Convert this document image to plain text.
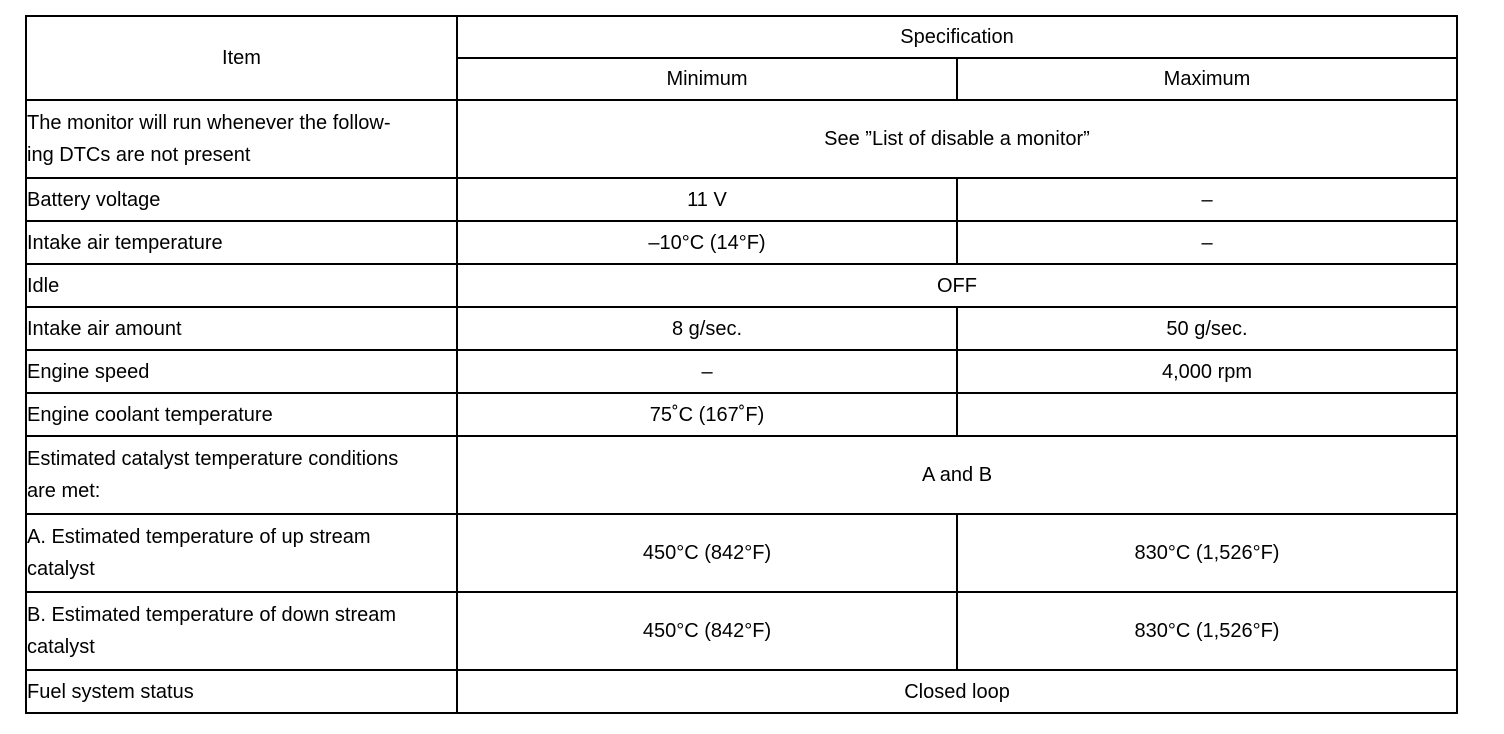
Item	Specification	
	Minimum	Maximum
The monitor will run whenever the follow-
ing DTCs are not present	See ”List of disable a monitor”	
Battery voltage	11 V	–
Intake air temperature	–10°C (14°F)	–
Idle	OFF	
Intake air amount	8 g/sec.	50 g/sec.
Engine speed	–	4,000 rpm
Engine coolant temperature	75˚C (167˚F)	
Estimated catalyst temperature conditions
are met:	A and B	
A. Estimated temperature of up stream
catalyst	450°C (842°F)	830°C (1,526°F)
B. Estimated temperature of down stream
catalyst	450°C (842°F)	830°C (1,526°F)
Fuel system status	Closed loop	
